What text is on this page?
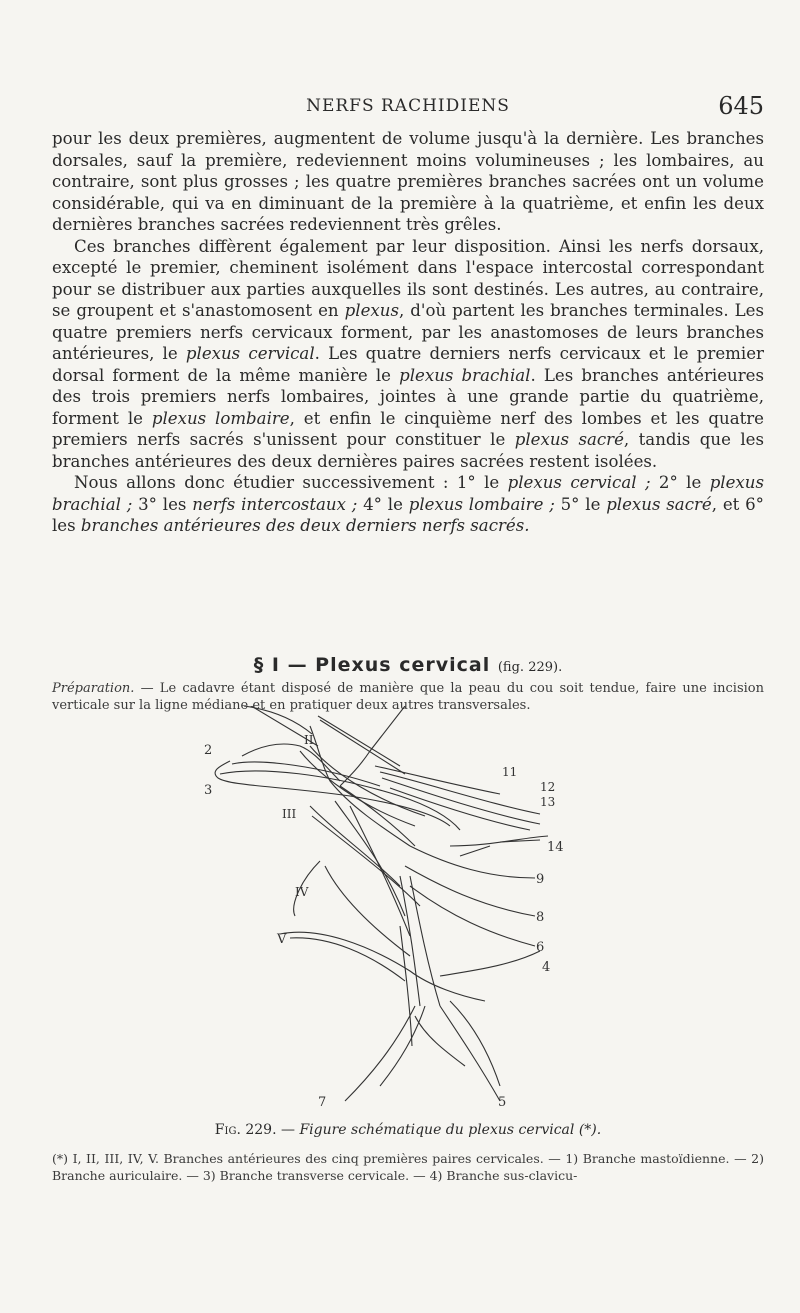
NERFS RACHIDIENS	645

pour les deux premières, augmentent de volume jusqu'à la dernière. Les branches dorsales, sauf la première, redeviennent moins volumineuses ; les lombaires, au contraire, sont plus grosses ; les quatre premières branches sacrées ont un volume considérable, qui va en diminuant de la première à la quatrième, et enfin les deux dernières branches sacrées redeviennent très grêles.

Ces branches diffèrent également par leur disposition. Ainsi les nerfs dorsaux, excepté le premier, cheminent isolément dans l'espace intercostal correspondant pour se distribuer aux parties auxquelles ils sont destinés. Les autres, au contraire, se groupent et s'anastomosent en plexus, d'où partent les branches terminales. Les quatre premiers nerfs cervicaux forment, par les anastomoses de leurs branches antérieures, le plexus cervical. Les quatre derniers nerfs cervicaux et le premier dorsal forment de la même manière le plexus brachial. Les branches antérieures des trois premiers nerfs lombaires, jointes à une grande partie du quatrième, forment le plexus lombaire, et enfin le cinquième nerf des lombes et les quatre premiers nerfs sacrés s'unissent pour constituer le plexus sacré, tandis que les branches antérieures des deux dernières paires sacrées restent isolées.

Nous allons donc étudier successivement : 1° le plexus cervical ; 2° le plexus brachial ; 3° les nerfs intercostaux ; 4° le plexus lombaire ; 5° le plexus sacré, et 6° les branches antérieures des deux derniers nerfs sacrés.

§ I — Plexus cervical (fig. 229).
Préparation. — Le cadavre étant disposé de manière que la peau du cou soit tendue, faire une incision verticale sur la ligne médiane et en pratiquer deux autres transversales.
2
II
11
12
13
3
III
14
IV
9
8
V
6
4
7	5
Fig. 229. — Figure schématique du plexus cervical (*).
(*) I, II, III, IV, V. Branches antérieures des cinq premières paires cervicales. — 1) Branche mastoïdienne. — 2) Branche auriculaire. — 3) Branche transverse cervicale. — 4) Branche sus-clavicu-
